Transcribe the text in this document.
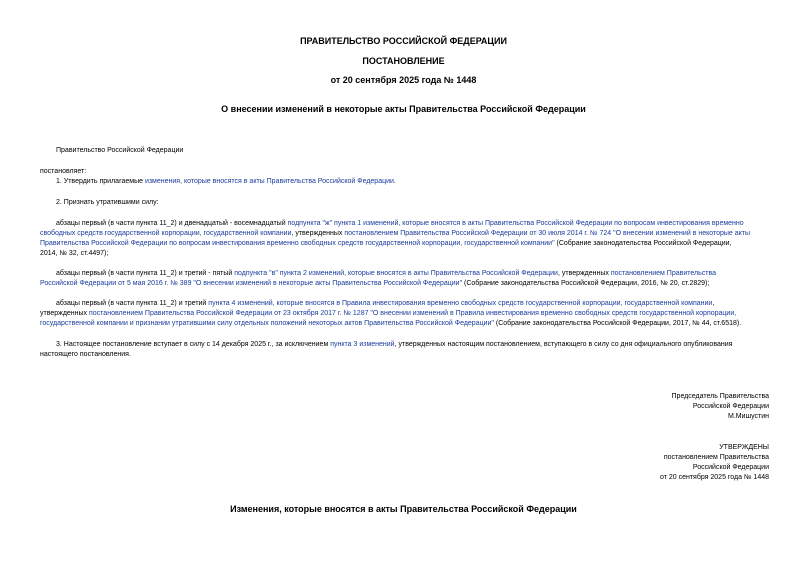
ПРАВИТЕЛЬСТВО РОССИЙСКОЙ ФЕДЕРАЦИИ
ПОСТАНОВЛЕНИЕ
от 20 сентября 2025 года № 1448
О внесении изменений в некоторые акты Правительства Российской Федерации
Правительство Российской Федерации
постановляет:
1. Утвердить прилагаемые изменения, которые вносятся в акты Правительства Российской Федерации.
2. Признать утратившими силу:
абзацы первый (в части пункта 11_2) и двенадцатый - восемнадцатый подпункта "ж" пункта 1 изменений, которые вносятся в акты Правительства Российской Федерации по вопросам инвестирования временно
свободных средств государственной корпорации, государственной компании, утвержденных постановлением Правительства Российской Федерации от 30 июля 2014 г. № 724 "О внесении изменений в некоторые акты
Правительства Российской Федерации по вопросам инвестирования временно свободных средств государственной корпорации, государственной компании" (Собрание законодательства Российской Федерации,
2014, № 32, ст.4497);
абзацы первый (в части пункта 11_2) и третий - пятый подпункта "в" пункта 2 изменений, которые вносятся в акты Правительства Российской Федерации, утвержденных постановлением Правительства
Российской Федерации от 5 мая 2016 г. № 389 "О внесении изменений в некоторые акты Правительства Российской Федерации" (Собрание законодательства Российской Федерации, 2016, № 20, ст.2829);
абзацы первый (в части пункта 11_2) и третий пункта 4 изменений, которые вносятся в Правила инвестирования временно свободных средств государственной корпорации, государственной компании,
утвержденных постановлением Правительства Российской Федерации от 23 октября 2017 г. № 1287 "О внесении изменений в Правила инвестирования временно свободных средств государственной корпорации,
государственной компании и признании утратившими силу отдельных положений некоторых актов Правительства Российской Федерации" (Собрание законодательства Российской Федерации, 2017, № 44, ст.6518).
3. Настоящее постановление вступает в силу с 14 декабря 2025 г., за исключением пункта 3 изменений, утвержденных настоящим постановлением, вступающего в силу со дня официального опубликования
настоящего постановления.
Председатель Правительства
Российской Федерации
М.Мишустин
УТВЕРЖДЕНЫ
постановлением Правительства
Российской Федерации
от 20 сентября 2025 года № 1448
Изменения, которые вносятся в акты Правительства Российской Федерации
